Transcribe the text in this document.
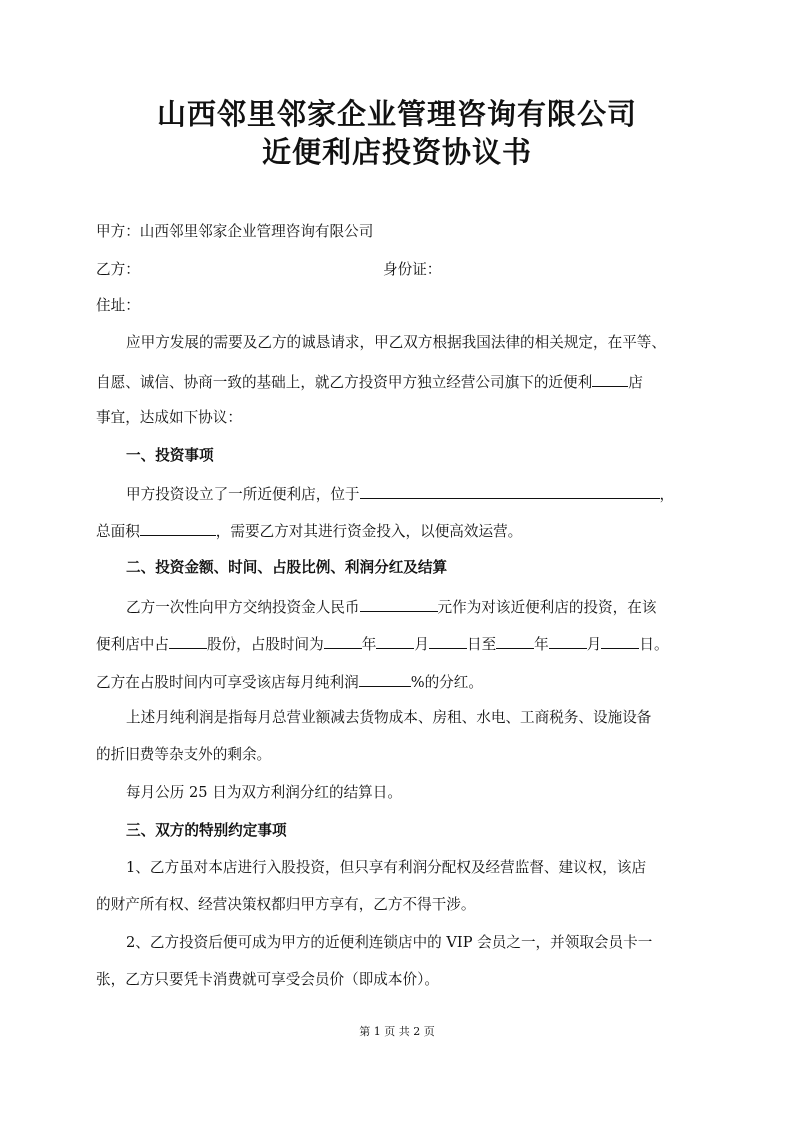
山西邻里邻家企业管理咨询有限公司
近便利店投资协议书
甲方：山西邻里邻家企业管理咨询有限公司
乙方：	身份证：
住址：
应甲方发展的需要及乙方的诚恳请求，甲乙双方根据我国法律的相关规定，在平等、
自愿、诚信、协商一致的基础上，就乙方投资甲方独立经营公司旗下的近便利 店
事宜，达成如下协议：
一、投资事项
甲方投资设立了一所近便利店，位于	，
总面积	，需要乙方对其进行资金投入，以便高效运营。
二、投资金额、时间、占股比例、利润分红及结算
乙方一次性向甲方交纳投资金人民币	元作为对该近便利店的投资，在该
便利店中占	股份，占股时间为	年	月	日至	年	月	日。
乙方在占股时间内可享受该店每月纯利润	%的分红。
上述月纯利润是指每月总营业额减去货物成本、房租、水电、工商税务、设施设备
的折旧费等杂支外的剩余。
每月公历 25 日为双方利润分红的结算日。
三、双方的特别约定事项
1、乙方虽对本店进行入股投资，但只享有利润分配权及经营监督、建议权，该店
的财产所有权、经营决策权都归甲方享有，乙方不得干涉。
2、乙方投资后便可成为甲方的近便利连锁店中的 VIP 会员之一，并领取会员卡一
张，乙方只要凭卡消费就可享受会员价（即成本价）。
第 1 页 共 2 页
